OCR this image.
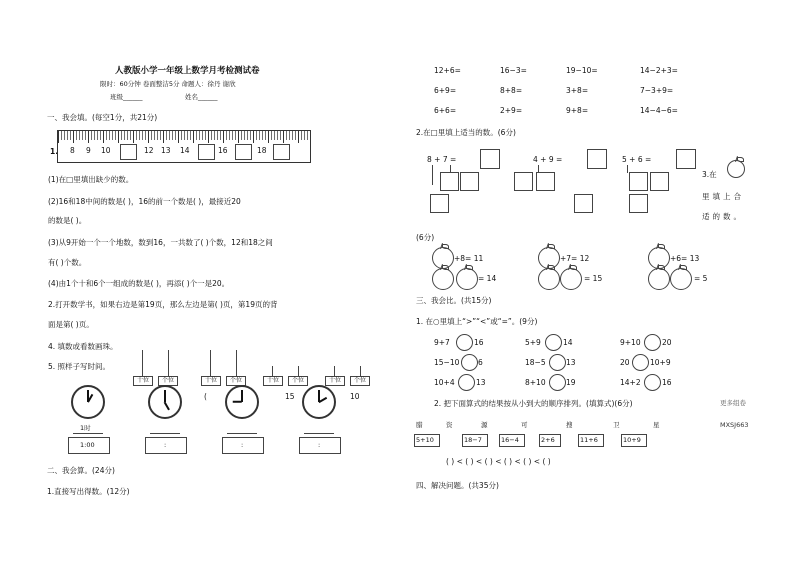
人教版小学一年级上数学月考检测试卷
限时：60分钟 卷面整洁5分 命题人：徐丹 谢欣
班级______	姓名______
一、我会填。(每空1分，共21分)
1. 8 9 10	12 13 14	16	18
(1)在□里填出缺少的数。
(2)16和18中间的数是( )，16的前一个数是( )，最接近20
的数是( )。
(3)从9开始一个一个地数，数到16，一共数了( )个数，12和18之间
有( )个数。
(4)由1个十和6个一组成的数是( )，再添( )个一是20。
2.打开数学书，如果右边是第19页，那么左边是第( )页，第19页的背
面是第( )页。
4. 填数或看数画珠。
5. 照样子写时间。
十位	个位	十位	个位	十位	个位	十位	个位
(	15	10
1时
1:00	:	:	:
二、我会算。(24分)
1.直接写出得数。(12分)
12+6=	16−3=	19−10=	14−2+3=
6+9=	8+8=	3+8=	7−3+9=
6+6=	2+9=	9+8=	14−4−6=
2.在□里填上适当的数。(6分)
8 + 7 =	4 + 9 =	5 + 6 =
3.在
里填上合
适的数。
(6分)
+8= 11
= 14
+7= 12
= 15
+6= 13
= 5
三、我会比。(共15分)
1. 在○里填上“>”“<”或“=”。(9分)
9+7	16	5+9	14	9+10	20
15−10 6	18−5	13	20	10+9
10+4	13	8+10	19	14+2	16
2. 把下面算式的结果按从小到大的顺序排列。(填算式)(6分)	更多组卷
MXSJ663
腊	资	源	可	搜	卫	星
5+10	18−7	16−4	2+6	11+6	10+9
( ) < ( ) < ( ) < ( ) < ( ) < ( )
四、解决问题。(共35分)
